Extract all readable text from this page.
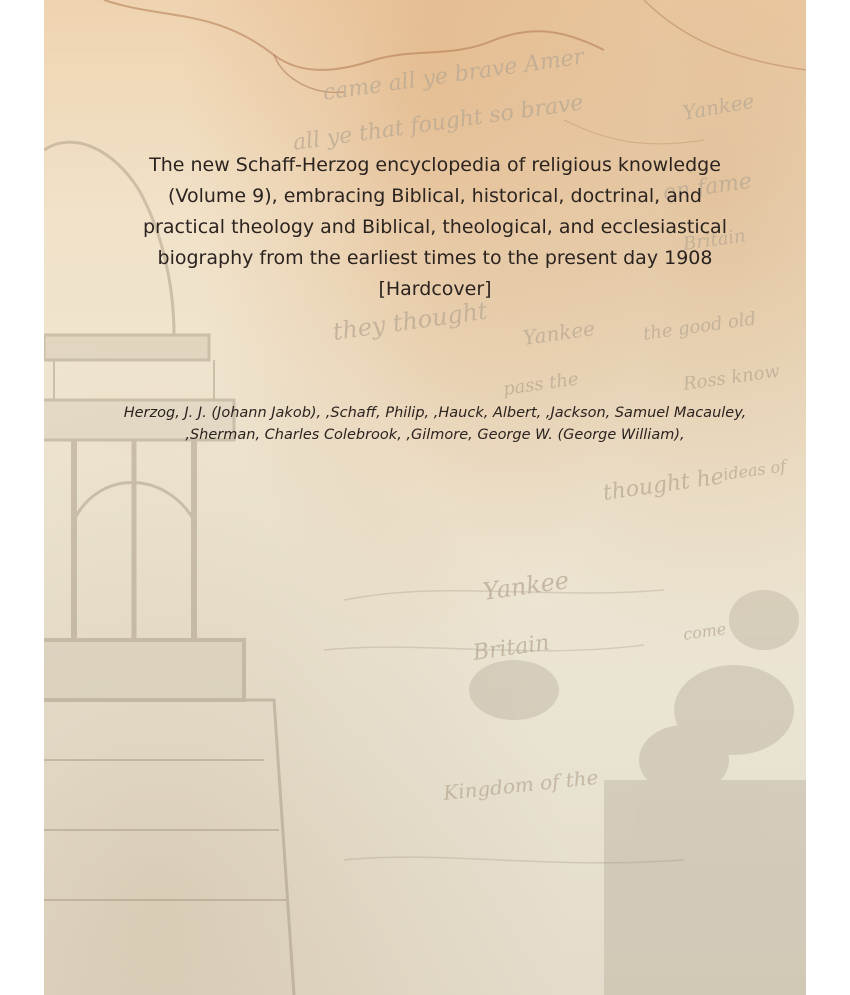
came all ye brave Amer
all ye that fought so brave	Yankee
on fame
Britain
they thought Yankee	the good old
pass the	Ross know
ideas of
thought he
Yankee
Britain	come
Kingdom of the

The new Schaff-Herzog encyclopedia of religious knowledge (Volume 9), embracing Biblical, historical, doctrinal, and practical theology and Biblical, theological, and ecclesiastical biography from the earliest times to the present day 1908 [Hardcover]

Herzog, J. J. (Johann Jakob), ,Schaff, Philip, ,Hauck, Albert, ,Jackson, Samuel Macauley, ,Sherman, Charles Colebrook, ,Gilmore, George W. (George William),
